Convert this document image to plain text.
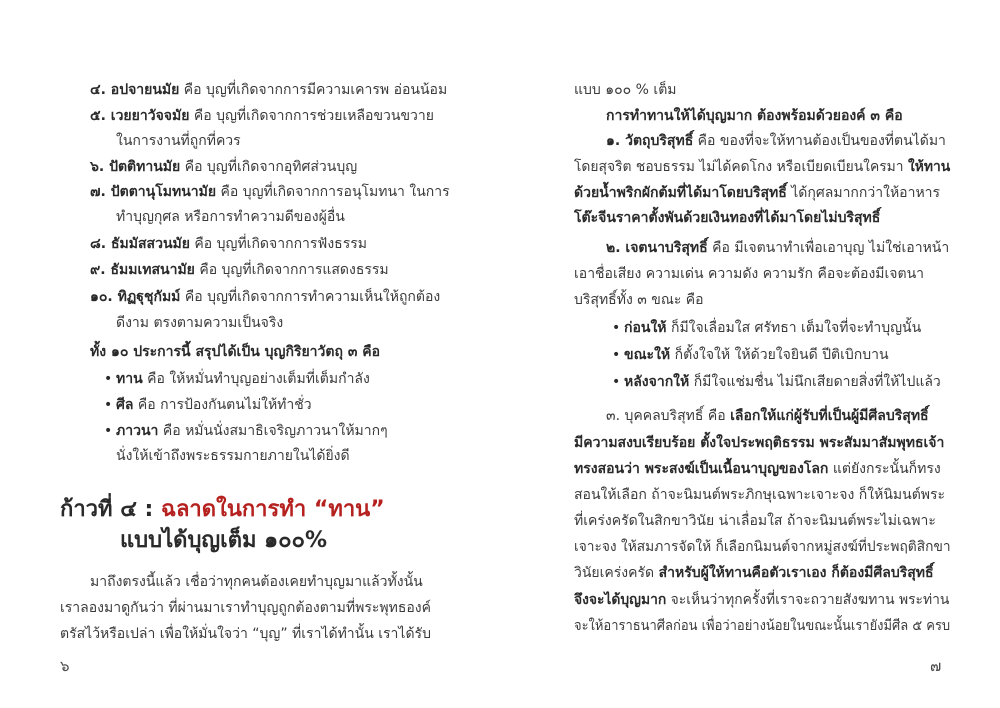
๔. อปจายนมัย คือ บุญที่เกิดจากการมีความเคารพ อ่อนน้อม
๕. เวยยาวัจจมัย คือ บุญที่เกิดจากการช่วยเหลือขวนขวาย
ในการงานที่ถูกที่ควร
๖. ปัตติทานมัย คือ บุญที่เกิดจากอุทิศส่วนบุญ
๗. ปัตตานุโมทนามัย คือ บุญที่เกิดจากการอนุโมทนา ในการ
ทำบุญกุศล หรือการทำความดีของผู้อื่น
๘. ธัมมัสสวนมัย คือ บุญที่เกิดจากการฟังธรรม
๙. ธัมมเทสนามัย คือ บุญที่เกิดจากการแสดงธรรม
๑๐. ทิฏฐุชุกัมม์ คือ บุญที่เกิดจากการทำความเห็นให้ถูกต้อง
ดีงาม ตรงตามความเป็นจริง
ทั้ง ๑๐ ประการนี้ สรุปได้เป็น บุญกิริยาวัตถุ ๓ คือ
• ทาน คือ ให้หมั่นทำบุญอย่างเต็มที่เต็มกำลัง
• ศีล คือ การป้องกันตนไม่ให้ทำชั่ว
• ภาวนา คือ หมั่นนั่งสมาธิเจริญภาวนาให้มากๆ
นั่งให้เข้าถึงพระธรรมกายภายในได้ยิ่งดี
ก้าวที่ ๔ : ฉลาดในการทำ “ทาน”
แบบได้บุญเต็ม ๑๐๐%
มาถึงตรงนี้แล้ว เชื่อว่าทุกคนต้องเคยทำบุญมาแล้วทั้งนั้น
เราลองมาดูกันว่า ที่ผ่านมาเราทำบุญถูกต้องตามที่พระพุทธองค์
ตรัสไว้หรือเปล่า เพื่อให้มั่นใจว่า “บุญ” ที่เราได้ทำนั้น เราได้รับ
๖
แบบ ๑๐๐ % เต็ม
การทำทานให้ได้บุญมาก ต้องพร้อมด้วยองค์ ๓ คือ
๑. วัตถุบริสุทธิ์ คือ ของที่จะให้ทานต้องเป็นของที่ตนได้มา
โดยสุจริต ชอบธรรม ไม่ได้คดโกง หรือเบียดเบียนใครมา ให้ทาน
ด้วยน้ำพริกผักต้มที่ได้มาโดยบริสุทธิ์ ได้กุศลมากกว่าให้อาหาร
โต๊ะจีนราคาตั้งพันด้วยเงินทองที่ได้มาโดยไม่บริสุทธิ์
๒. เจตนาบริสุทธิ์ คือ มีเจตนาทำเพื่อเอาบุญ ไม่ใช่เอาหน้า
เอาชื่อเสียง ความเด่น ความดัง ความรัก คือจะต้องมีเจตนา
บริสุทธิ์ทั้ง ๓ ขณะ คือ
• ก่อนให้ ก็มีใจเลื่อมใส ศรัทธา เต็มใจที่จะทำบุญนั้น
• ขณะให้ ก็ตั้งใจให้ ให้ด้วยใจยินดี ปีติเบิกบาน
• หลังจากให้ ก็มีใจแช่มชื่น ไม่นึกเสียดายสิ่งที่ให้ไปแล้ว
๓. บุคคลบริสุทธิ์ คือ เลือกให้แก่ผู้รับที่เป็นผู้มีศีลบริสุทธิ์
มีความสงบเรียบร้อย ตั้งใจประพฤติธรรม พระสัมมาสัมพุทธเจ้า
ทรงสอนว่า พระสงฆ์เป็นเนื้อนาบุญของโลก แต่ยังกระนั้นก็ทรง
สอนให้เลือก ถ้าจะนิมนต์พระภิกษุเฉพาะเจาะจง ก็ให้นิมนต์พระ
ที่เคร่งครัดในสิกขาวินัย น่าเลื่อมใส ถ้าจะนิมนต์พระไม่เฉพาะ
เจาะจง ให้สมภารจัดให้ ก็เลือกนิมนต์จากหมู่สงฆ์ที่ประพฤติสิกขา
วินัยเคร่งครัด สำหรับผู้ให้ทานคือตัวเราเอง ก็ต้องมีศีลบริสุทธิ์
จึงจะได้บุญมาก จะเห็นว่าทุกครั้งที่เราจะถวายสังฆทาน พระท่าน
จะให้อาราธนาศีลก่อน เพื่อว่าอย่างน้อยในขณะนั้นเรายังมีศีล ๕ ครบ
๗
